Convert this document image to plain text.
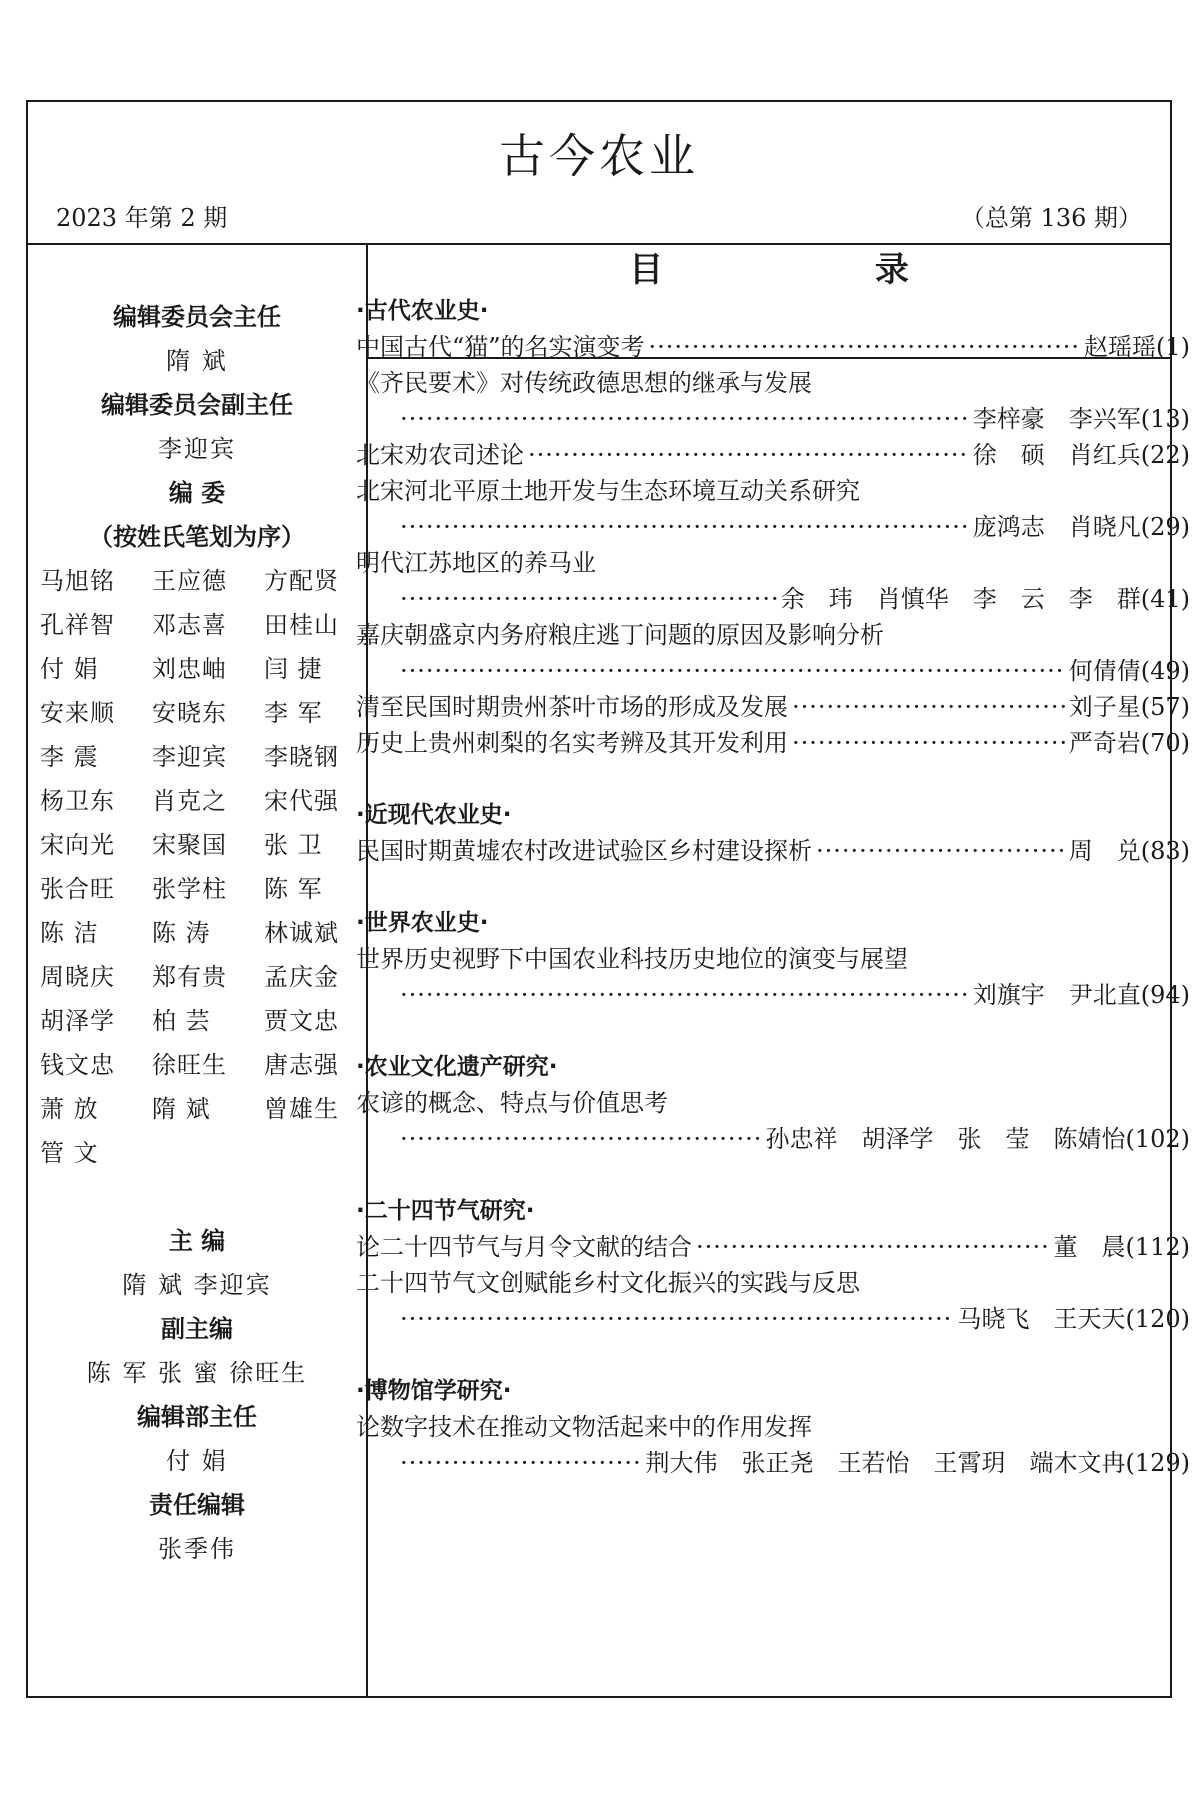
古今农业
2023 年第 2 期	（总第 136 期）
目 录
编辑委员会主任
隋 斌
编辑委员会副主任
李迎宾
编 委
（按姓氏笔划为序）
马旭铭	王应德	方配贤
孔祥智	邓志喜	田桂山
付 娟	刘忠岫	闫 捷
安来顺	安晓东	李 军
李 震	李迎宾	李晓钢
杨卫东	肖克之	宋代强
宋向光	宋聚国	张 卫
张合旺	张学柱	陈 军
陈 洁	陈 涛	林诚斌
周晓庆	郑有贵	孟庆金
胡泽学	柏 芸	贾文忠
钱文忠	徐旺生	唐志强
萧 放	隋 斌	曾雄生
管 文
主 编
隋 斌 李迎宾
副主编
陈 军 张 蜜 徐旺生
编辑部主任
付 娟
责任编辑
张季伟
·古代农业史·
中国古代“猫”的名实演变考 ·····	赵瑶瑶(1)
《齐民要术》对传统政德思想的继承与发展
·····
李梓豪　李兴军(13)
北宋劝农司述论 ·····	徐　硕　肖红兵(22)
北宋河北平原土地开发与生态环境互动关系研究
·····
庞鸿志　肖晓凡(29)
明代江苏地区的养马业
·····
余　玮　肖慎华　李　云　李　群(41)
嘉庆朝盛京内务府粮庄逃丁问题的原因及影响分析
·····
何倩倩(49)
清至民国时期贵州茶叶市场的形成及发展 ·····	刘子星(57)
历史上贵州刺梨的名实考辨及其开发利用 ·····	严奇岩(70)
·近现代农业史·
民国时期黄墟农村改进试验区乡村建设探析 ·····	周　兑(83)
·世界农业史·
世界历史视野下中国农业科技历史地位的演变与展望
·····
刘旗宇　尹北直(94)
·农业文化遗产研究·
农谚的概念、特点与价值思考
·····
孙忠祥　胡泽学　张　莹　陈婧怡(102)
·二十四节气研究·
论二十四节气与月令文献的结合 ·····	董　晨(112)
二十四节气文创赋能乡村文化振兴的实践与反思
·····
马晓飞　王天天(120)
·博物馆学研究·
论数字技术在推动文物活起来中的作用发挥
·····
荆大伟　张正尧　王若怡　王霄玥　端木文冉(129)
